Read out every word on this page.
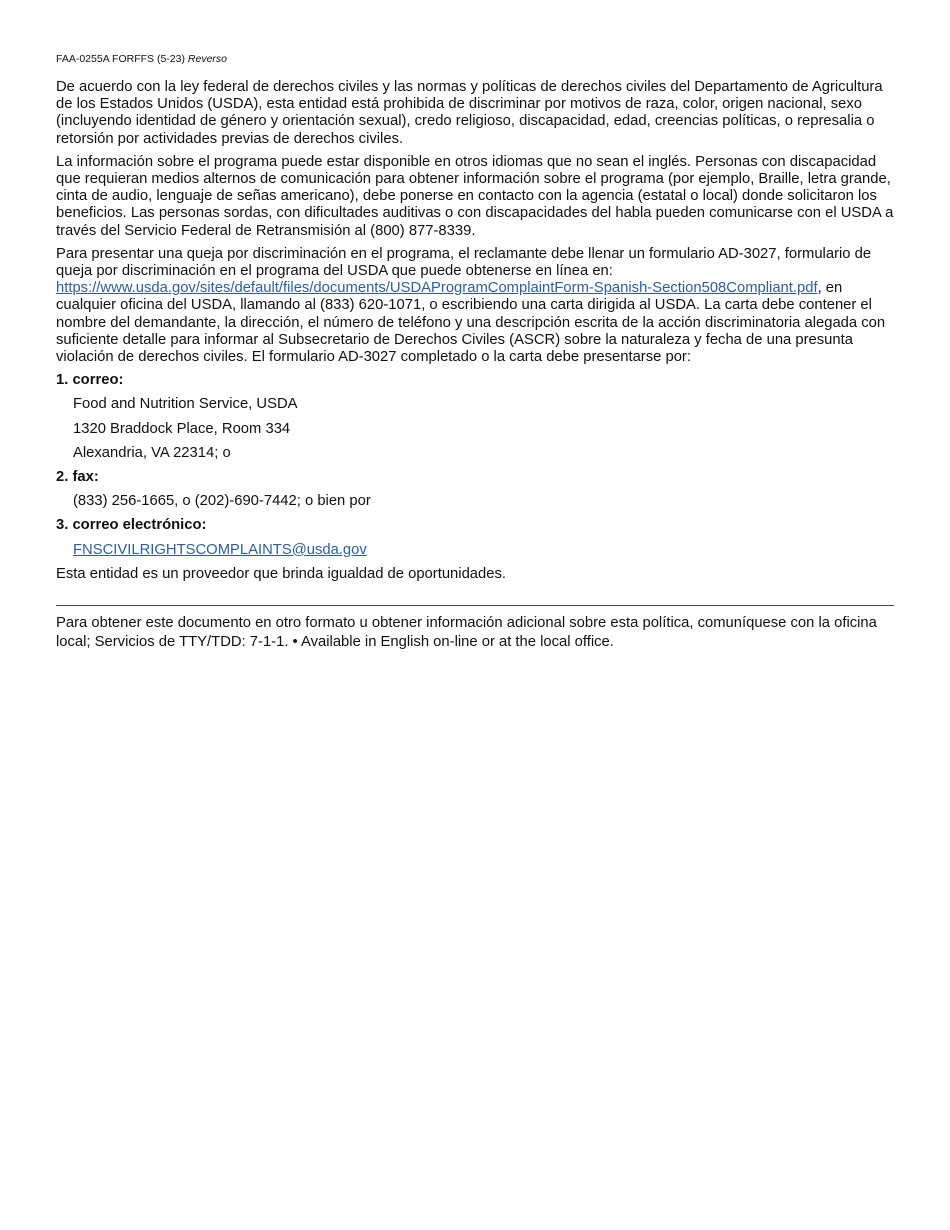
FAA-0255A FORFFS (5-23) Reverso

De acuerdo con la ley federal de derechos civiles y las normas y políticas de derechos civiles del Departamento de Agricultura de los Estados Unidos (USDA), esta entidad está prohibida de discriminar por motivos de raza, color, origen nacional, sexo (incluyendo identidad de género y orientación sexual), credo religioso, discapacidad, edad, creencias políticas, o represalia o retorsión por actividades previas de derechos civiles.

La información sobre el programa puede estar disponible en otros idiomas que no sean el inglés. Personas con discapacidad que requieran medios alternos de comunicación para obtener información sobre el programa (por ejemplo, Braille, letra grande, cinta de audio, lenguaje de señas americano), debe ponerse en contacto con la agencia (estatal o local) donde solicitaron los beneficios. Las personas sordas, con dificultades auditivas o con discapacidades del habla pueden comunicarse con el USDA a través del Servicio Federal de Retransmisión al (800) 877-8339.

Para presentar una queja por discriminación en el programa, el reclamante debe llenar un formulario AD-3027, formulario de queja por discriminación en el programa del USDA que puede obtenerse en línea en: https://www.usda.gov/sites/default/files/documents/USDAProgramComplaintForm-Spanish-Section508Compliant.pdf, en cualquier oficina del USDA, llamando al (833) 620-1071, o escribiendo una carta dirigida al USDA. La carta debe contener el nombre del demandante, la dirección, el número de teléfono y una descripción escrita de la acción discriminatoria alegada con suficiente detalle para informar al Subsecretario de Derechos Civiles (ASCR) sobre la naturaleza y fecha de una presunta violación de derechos civiles. El formulario AD-3027 completado o la carta debe presentarse por:

1. correo:
Food and Nutrition Service, USDA
1320 Braddock Place, Room 334
Alexandria, VA 22314; o
2. fax:
(833) 256-1665, o (202)-690-7442; o bien por
3. correo electrónico:
FNSCIVILRIGHTSCOMPLAINTS@usda.gov

Esta entidad es un proveedor que brinda igualdad de oportunidades.

Para obtener este documento en otro formato u obtener información adicional sobre esta política, comuníquese con la oficina local; Servicios de TTY/TDD: 7-1-1. • Available in English on-line or at the local office.
